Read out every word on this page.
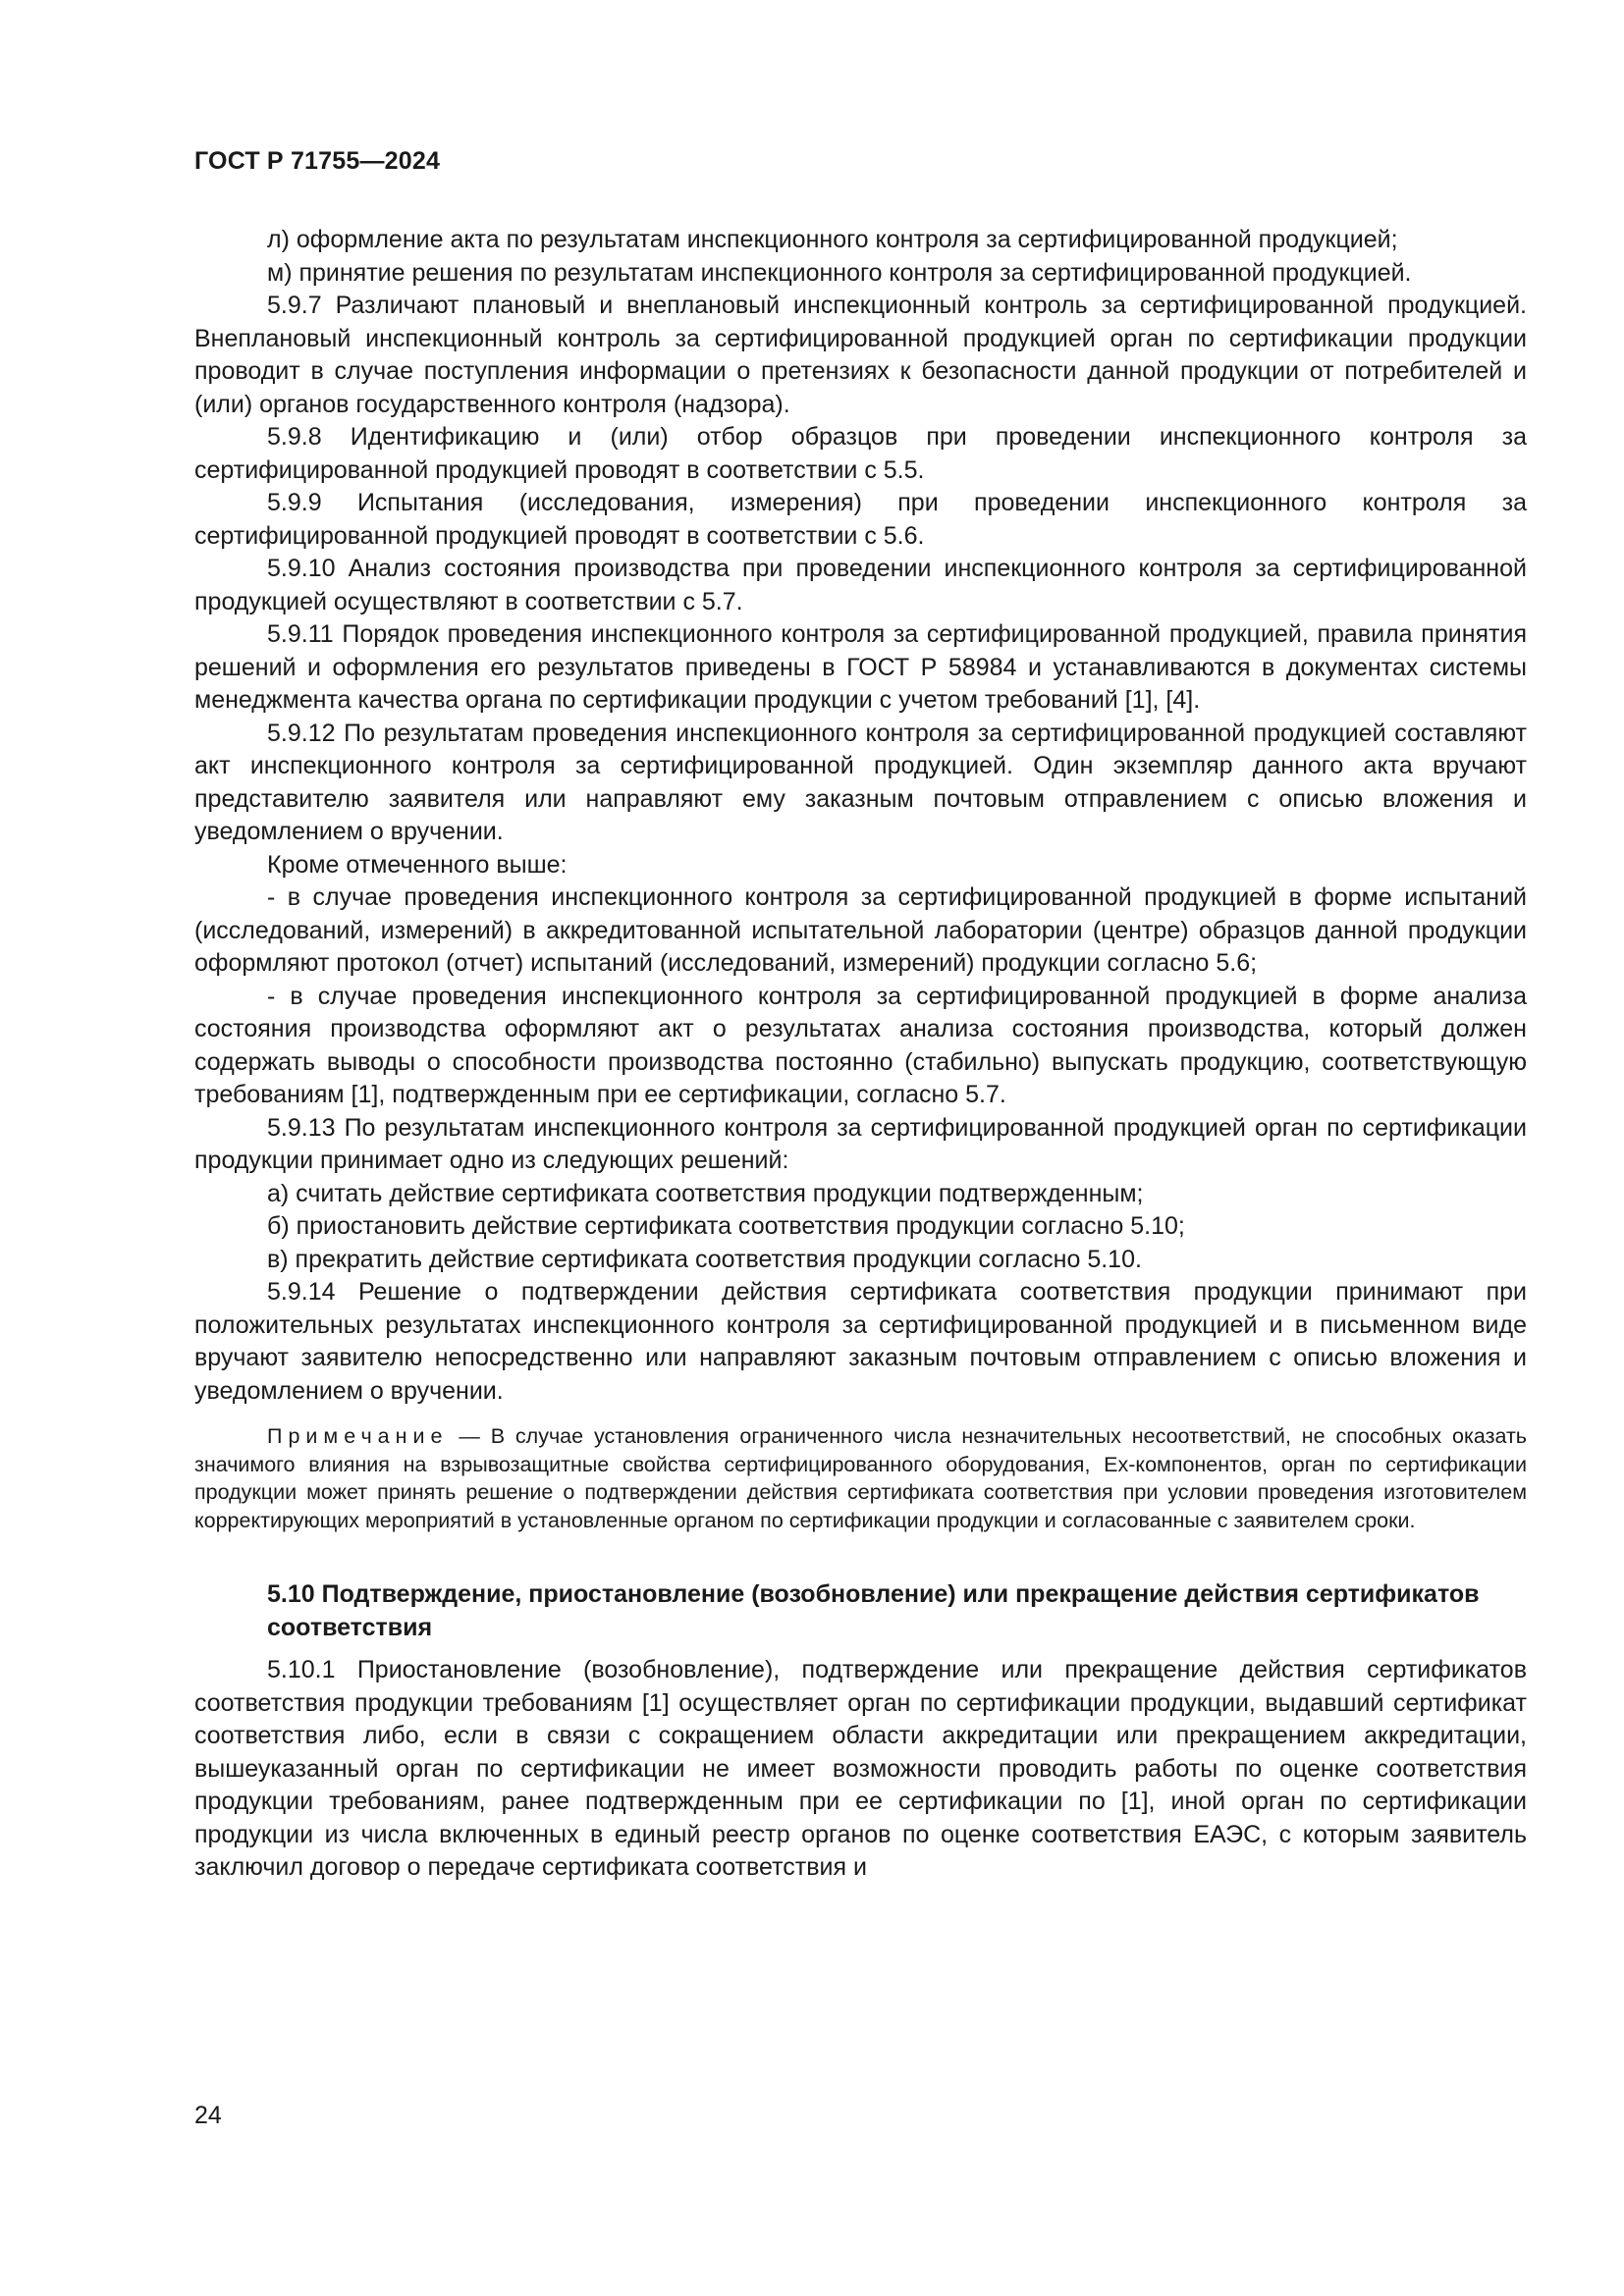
ГОСТ Р 71755—2024

л) оформление акта по результатам инспекционного контроля за сертифицированной продукцией;

м) принятие решения по результатам инспекционного контроля за сертифицированной продукцией.

5.9.7 Различают плановый и внеплановый инспекционный контроль за сертифицированной продукцией. Внеплановый инспекционный контроль за сертифицированной продукцией орган по сертификации продукции проводит в случае поступления информации о претензиях к безопасности данной продукции от потребителей и (или) органов государственного контроля (надзора).

5.9.8 Идентификацию и (или) отбор образцов при проведении инспекционного контроля за сертифицированной продукцией проводят в соответствии с 5.5.

5.9.9 Испытания (исследования, измерения) при проведении инспекционного контроля за сертифицированной продукцией проводят в соответствии с 5.6.

5.9.10 Анализ состояния производства при проведении инспекционного контроля за сертифицированной продукцией осуществляют в соответствии с 5.7.

5.9.11 Порядок проведения инспекционного контроля за сертифицированной продукцией, правила принятия решений и оформления его результатов приведены в ГОСТ Р 58984 и устанавливаются в документах системы менеджмента качества органа по сертификации продукции с учетом требований [1], [4].

5.9.12 По результатам проведения инспекционного контроля за сертифицированной продукцией составляют акт инспекционного контроля за сертифицированной продукцией. Один экземпляр данного акта вручают представителю заявителя или направляют ему заказным почтовым отправлением с описью вложения и уведомлением о вручении.

Кроме отмеченного выше:

- в случае проведения инспекционного контроля за сертифицированной продукцией в форме испытаний (исследований, измерений) в аккредитованной испытательной лаборатории (центре) образцов данной продукции оформляют протокол (отчет) испытаний (исследований, измерений) продукции согласно 5.6;

- в случае проведения инспекционного контроля за сертифицированной продукцией в форме анализа состояния производства оформляют акт о результатах анализа состояния производства, который должен содержать выводы о способности производства постоянно (стабильно) выпускать продукцию, соответствующую требованиям [1], подтвержденным при ее сертификации, согласно 5.7.

5.9.13 По результатам инспекционного контроля за сертифицированной продукцией орган по сертификации продукции принимает одно из следующих решений:

а) считать действие сертификата соответствия продукции подтвержденным;

б) приостановить действие сертификата соответствия продукции согласно 5.10;

в) прекратить действие сертификата соответствия продукции согласно 5.10.

5.9.14 Решение о подтверждении действия сертификата соответствия продукции принимают при положительных результатах инспекционного контроля за сертифицированной продукцией и в письменном виде вручают заявителю непосредственно или направляют заказным почтовым отправлением с описью вложения и уведомлением о вручении.

Примечание — В случае установления ограниченного числа незначительных несоответствий, не способных оказать значимого влияния на взрывозащитные свойства сертифицированного оборудования, Ex-компонентов, орган по сертификации продукции может принять решение о подтверждении действия сертификата соответствия при условии проведения изготовителем корректирующих мероприятий в установленные органом по сертификации продукции и согласованные с заявителем сроки.

5.10 Подтверждение, приостановление (возобновление) или прекращение действия сертификатов соответствия

5.10.1 Приостановление (возобновление), подтверждение или прекращение действия сертификатов соответствия продукции требованиям [1] осуществляет орган по сертификации продукции, выдавший сертификат соответствия либо, если в связи с сокращением области аккредитации или прекращением аккредитации, вышеуказанный орган по сертификации не имеет возможности проводить работы по оценке соответствия продукции требованиям, ранее подтвержденным при ее сертификации по [1], иной орган по сертификации продукции из числа включенных в единый реестр органов по оценке соответствия ЕАЭС, с которым заявитель заключил договор о передаче сертификата соответствия и

24
